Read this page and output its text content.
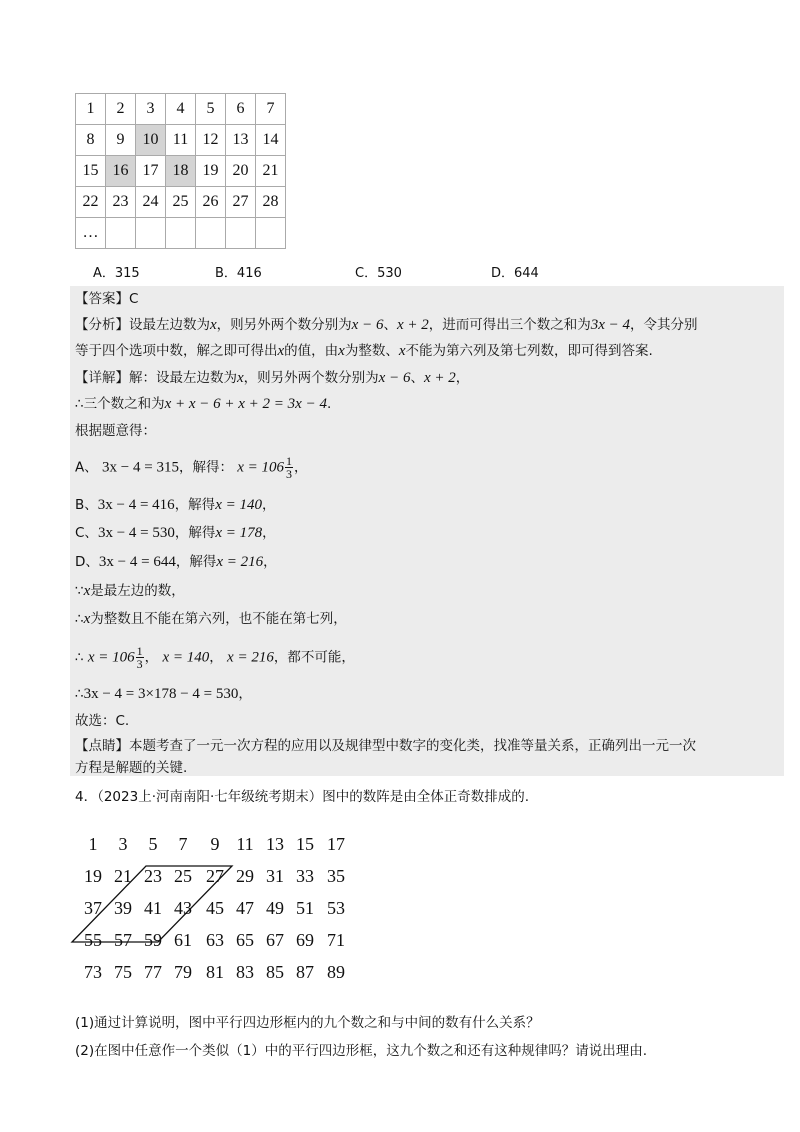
1	2	3	4	5	6	7
8	9	10	11	12	13	14
15	16	17	18	19	20	21
22	23	24	25	26	27	28
…						
A．315	B．416	C．530	D．644
【答案】C
【分析】设最左边数为x，则另外两个数分别为x − 6、x + 2，进而可得出三个数之和为3x − 4，令其分别
等于四个选项中数，解之即可得出x的值，由x为整数、x不能为第六列及第七列数，即可得到答案.
【详解】解：设最左边数为x，则另外两个数分别为x − 6、x + 2，
∴三个数之和为x + x − 6 + x + 2 = 3x − 4.
根据题意得：
A、 3x − 4 = 315，解得： $x = 106 \frac{1}{3}$ ，
B、3x − 4 = 416，解得x = 140，
C、3x − 4 = 530，解得x = 178，
D、3x − 4 = 644，解得x = 216，
∵x是最左边的数，
∴x为整数且不能在第六列，也不能在第七列，
∴ $x = 106 \frac{1}{3}$ ， x = 140， x = 216，都不可能，
∴3x − 4 = 3×178 − 4 = 530，
故选：C.
【点睛】本题考查了一元一次方程的应用以及规律型中数字的变化类，找准等量关系，正确列出一元一次
方程是解题的关键.
4．（2023上·河南南阳·七年级统考期末）图中的数阵是由全体正奇数排成的.
1	3	5	7	9 11 13 15 17
19 21 23 25 27 29 31 33 35
37 39 41 43 45 47 49 51 53
55 57 59 61 63 65 67 69 71
73 75 77 79 81 83 85 87 89
(1)通过计算说明，图中平行四边形框内的九个数之和与中间的数有什么关系？
(2)在图中任意作一个类似（1）中的平行四边形框，这九个数之和还有这种规律吗？请说出理由.
